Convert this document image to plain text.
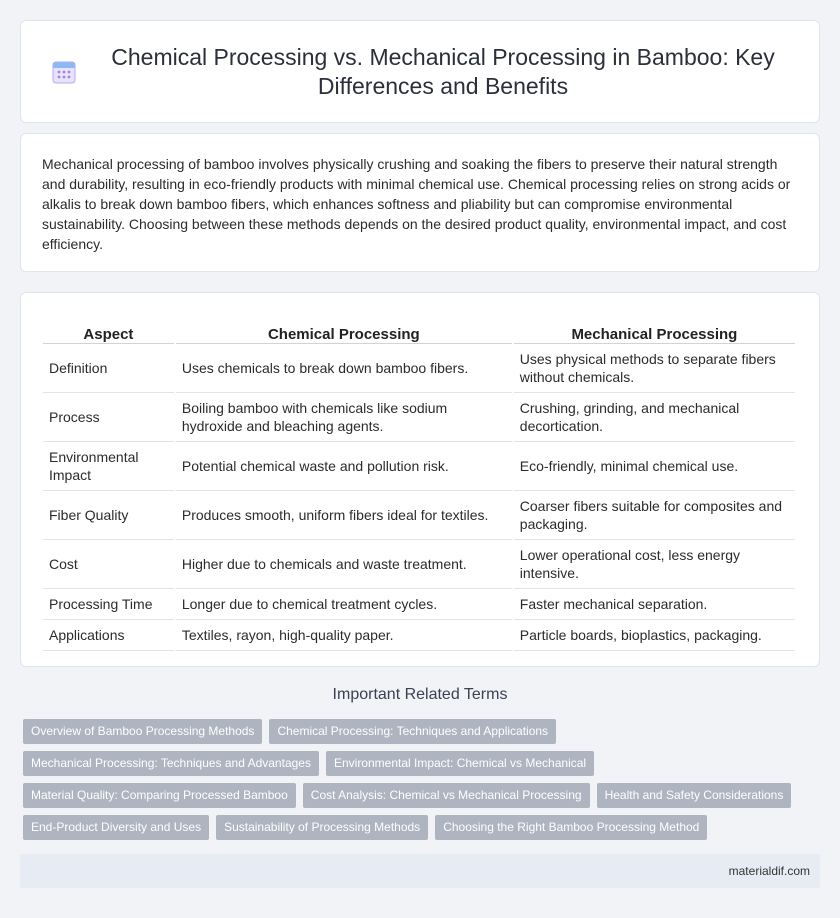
Chemical Processing vs. Mechanical Processing in Bamboo: Key Differences and Benefits

Mechanical processing of bamboo involves physically crushing and soaking the fibers to preserve their natural strength and durability, resulting in eco-friendly products with minimal chemical use. Chemical processing relies on strong acids or alkalis to break down bamboo fibers, which enhances softness and pliability but can compromise environmental sustainability. Choosing between these methods depends on the desired product quality, environmental impact, and cost efficiency.

Aspect	Chemical Processing	Mechanical Processing
Definition	Uses chemicals to break down bamboo fibers.	Uses physical methods to separate fibers without chemicals.
Process	Boiling bamboo with chemicals like sodium hydroxide and bleaching agents.	Crushing, grinding, and mechanical decortication.
Environmental Impact	Potential chemical waste and pollution risk.	Eco-friendly, minimal chemical use.
Fiber Quality	Produces smooth, uniform fibers ideal for textiles.	Coarser fibers suitable for composites and packaging.
Cost	Higher due to chemicals and waste treatment.	Lower operational cost, less energy intensive.
Processing Time	Longer due to chemical treatment cycles.	Faster mechanical separation.
Applications	Textiles, rayon, high-quality paper.	Particle boards, bioplastics, packaging.
Important Related Terms
Overview of Bamboo Processing Methods	Chemical Processing: Techniques and Applications
Mechanical Processing: Techniques and Advantages	Environmental Impact: Chemical vs Mechanical
Material Quality: Comparing Processed Bamboo	Cost Analysis: Chemical vs Mechanical Processing	Health and Safety Considerations
End-Product Diversity and Uses	Sustainability of Processing Methods	Choosing the Right Bamboo Processing Method
materialdif.com
